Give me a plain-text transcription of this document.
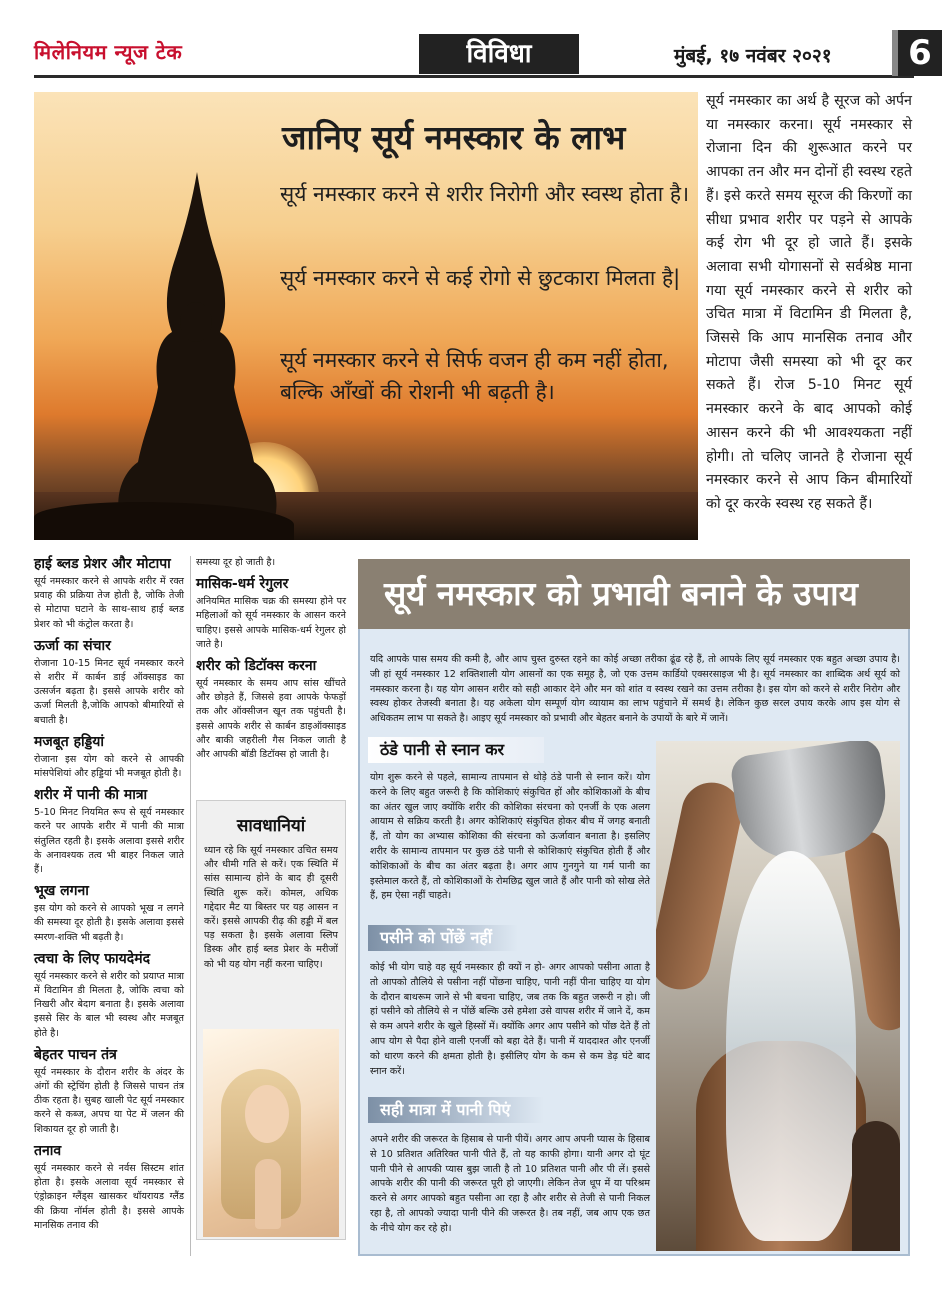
मिलेनियम न्यूज टेक	विविधा	मुंबई, १७ नवंबर २०२१	6
जानिए सूर्य नमस्कार के लाभ
सूर्य नमस्कार करने से शरीर निरोगी और स्वस्थ होता है।
सूर्य नमस्कार करने से कई रोगो से छुटकारा मिलता है|
सूर्य नमस्कार करने से सिर्फ वजन ही कम नहीं होता, बल्कि आँखों की रोशनी भी बढ़ती है।
सूर्य नमस्कार का अर्थ है सूरज को अर्पन या नमस्कार करना। सूर्य नमस्कार से रोजाना दिन की शुरूआत करने पर आपका तन और मन दोनों ही स्वस्थ रहते हैं। इसे करते समय सूरज की किरणों का सीधा प्रभाव शरीर पर पड़ने से आपके कई रोग भी दूर हो जाते हैं। इसके अलावा सभी योगासनों से सर्वश्रेष्ठ माना गया सूर्य नमस्कार करने से शरीर को उचित मात्रा में विटामिन डी मिलता है, जिससे कि आप मानसिक तनाव और मोटापा जैसी समस्या को भी दूर कर सकते हैं। रोज 5-10 मिनट सूर्य नमस्कार करने के बाद आपको कोई आसन करने की भी आवश्यकता नहीं होगी। तो चलिए जानते है रोजाना सूर्य नमस्कार करने से आप किन बीमारियों को दूर करके स्वस्थ रह सकते हैं।
हाई ब्लड प्रेशर और मोटापा

सूर्य नमस्कार करने से आपके शरीर में रक्त प्रवाह की प्रक्रिया तेज होती है, जोकि तेजी से मोटापा घटाने के साथ-साथ हाई ब्लड प्रेशर को भी कंट्रोल करता है।

ऊर्जा का संचार

रोजाना 10-15 मिनट सूर्य नमस्कार करने से शरीर में कार्बन डाई ऑक्साइड का उत्सर्जन बढ़ता है। इससे आपके शरीर को ऊर्जा मिलती है,जोकि आपको बीमारियों से बचाती है।

मजबूत हड्डियां

रोजाना इस योग को करने से आपकी मांसपेशियां और हड्डियां भी मजबूत होती है।

शरीर में पानी की मात्रा

5-10 मिनट नियमित रूप से सूर्य नमस्कार करने पर आपके शरीर में पानी की मात्रा संतुलित रहती है। इसके अलावा इससे शरीर के अनावश्यक तत्व भी बाहर निकल जाते हैं।

भूख लगना

इस योग को करने से आपको भूख न लगने की समस्या दूर होती है। इसके अलावा इससे स्मरण-शक्ति भी बढ़ती है।

त्वचा के लिए फायदेमंद

सूर्य नमस्कार करने से शरीर को प्रयाप्त मात्रा में विटामिन डी मिलता है, जोकि त्वचा को निखरी और बेदाग बनाता है। इसके अलावा इससे सिर के बाल भी स्वस्थ और मजबूत होते है।

बेहतर पाचन तंत्र

सूर्य नमस्कार के दौरान शरीर के अंदर के अंगों की स्ट्रेचिंग होती है जिससे पाचन तंत्र ठीक रहता है। सुबह खाली पेट सूर्य नमस्कार करने से कब्ज, अपच या पेट में जलन की शिकायत दूर हो जाती है।

तनाव

सूर्य नमस्कार करने से नर्वस सिस्टम शांत होता है। इसके अलावा सूर्य नमस्कार से एंड्रोक्राइन ग्लैंड्स खासकर थॉयरायड ग्लैंड की क्रिया नॉर्मल होती है। इससे आपके मानसिक तनाव की

समस्या दूर हो जाती है।

मासिक-धर्म रेगुलर

अनियमित मासिक चक्र की समस्या होने पर महिलाओं को सूर्य नमस्कार के आसन करने चाहिए। इससे आपके मासिक-धर्म रेगुलर हो जाते है।

शरीर को डिटॉक्स करना

सूर्य नमस्कार के समय आप सांस खींचते और छोड़ते हैं, जिससे हवा आपके फेफड़ों तक और ऑक्सीजन खून तक पहुंचती है। इससे आपके शरीर से कार्बन डाइऑक्साइड और बाकी जहरीली गैस निकल जाती है और आपकी बॉडी डिटॉक्स हो जाती है।

सावधानियां

ध्यान रहे कि सूर्य नमस्कार उचित समय और धीमी गति से करें। एक स्थिति में सांस सामान्य होने के बाद ही दूसरी स्थिति शुरू करें। कोमल, अधिक गद्देदार मैट या बिस्तर पर यह आसन न करें। इससे आपकी रीढ़ की हड्डी में बल पड़ सकता है। इसके अलावा स्लिप डिस्क और हाई ब्लड प्रेशर के मरीजों को भी यह योग नहीं करना चाहिए।

सूर्य नमस्कार को प्रभावी बनाने के उपाय
यदि आपके पास समय की कमी है, और आप चुस्त दुरुस्त रहने का कोई अच्छा तरीका ढूंढ रहे हैं, तो आपके लिए सूर्य नमस्कार एक बहुत अच्छा उपाय है। जी हां सूर्य नमस्कार 12 शक्तिशाली योग आसनों का एक समूह है, जो एक उत्तम कार्डियो एक्सरसाइज भी है। सूर्य नमस्कार का शाब्दिक अर्थ सूर्य को नमस्कार करना है। यह योग आसन शरीर को सही आकार देने और मन को शांत व स्वस्थ रखने का उत्तम तरीका है। इस योग को करने से शरीर निरोग और स्वस्थ होकर तेजस्वी बनाता है। यह अकेला योग सम्पूर्ण योग व्यायाम का लाभ पहुंचाने में समर्थ है। लेकिन कुछ सरल उपाय करके आप इस योग से अधिकतम लाभ पा सकते है। आइए सूर्य नमस्कार को प्रभावी और बेहतर बनाने के उपायों के बारे में जानें।
ठंडे पानी से स्नान कर
योग शुरू करने से पहले, सामान्य तापमान से थोड़े ठंडे पानी से स्नान करें। योग करने के लिए बहुत जरूरी है कि कोशिकाएं संकुचित हों और कोशिकाओं के बीच का अंतर खुल जाए क्योंकि शरीर की कोशिका संरचना को एनर्जी के एक अलग आयाम से सक्रिय करती है। अगर कोशिकाएं संकुचित होकर बीच में जगह बनाती हैं, तो योग का अभ्यास कोशिका की संरचना को ऊर्जावान बनाता है। इसलिए शरीर के सामान्य तापमान पर कुछ ठंडे पानी से कोशिकाएं संकुचित होती हैं और कोशिकाओं के बीच का अंतर बढ़ता है। अगर आप गुनगुने या गर्म पानी का इस्तेमाल करते हैं, तो कोशिकाओं के रोमछिद्र खुल जाते हैं और पानी को सोख लेते हैं, हम ऐसा नहीं चाहते।
पसीने को पोंछें नहीं
कोई भी योग चाहे वह सूर्य नमस्कार ही क्यों न हो- अगर आपको पसीना आता है तो आपको तौलिये से पसीना नहीं पोंछना चाहिए, पानी नहीं पीना चाहिए या योग के दौरान बाथरूम जाने से भी बचना चाहिए, जब तक कि बहुत जरूरी न हो। जी हां पसीने को तौलिये से न पोंछें बल्कि उसे हमेशा उसे वापस शरीर में जाने दें, कम से कम अपने शरीर के खुले हिस्सों में। क्योंकि अगर आप पसीने को पोंछ देते हैं तो आप योग से पैदा होने वाली एनर्जी को बहा देते हैं। पानी में याददाश्त और एनर्जी को धारण करने की क्षमता होती है। इसीलिए योग के कम से कम डेढ़ घंटे बाद स्नान करें।
सही मात्रा में पानी पिएं
अपने शरीर की जरूरत के हिसाब से पानी पीयें। अगर आप अपनी प्यास के हिसाब से 10 प्रतिशत अतिरिक्त पानी पीते हैं, तो यह काफी होगा। यानी अगर दो घूंट पानी पीने से आपकी प्यास बुझ जाती है तो 10 प्रतिशत पानी और पी लें। इससे आपके शरीर की पानी की जरूरत पूरी हो जाएगी। लेकिन तेज धूप में या परिश्रम करने से अगर आपको बहुत पसीना आ रहा है और शरीर से तेजी से पानी निकल रहा है, तो आपको ज्यादा पानी पीने की जरूरत है। तब नहीं, जब आप एक छत के नीचे योग कर रहे हो।
